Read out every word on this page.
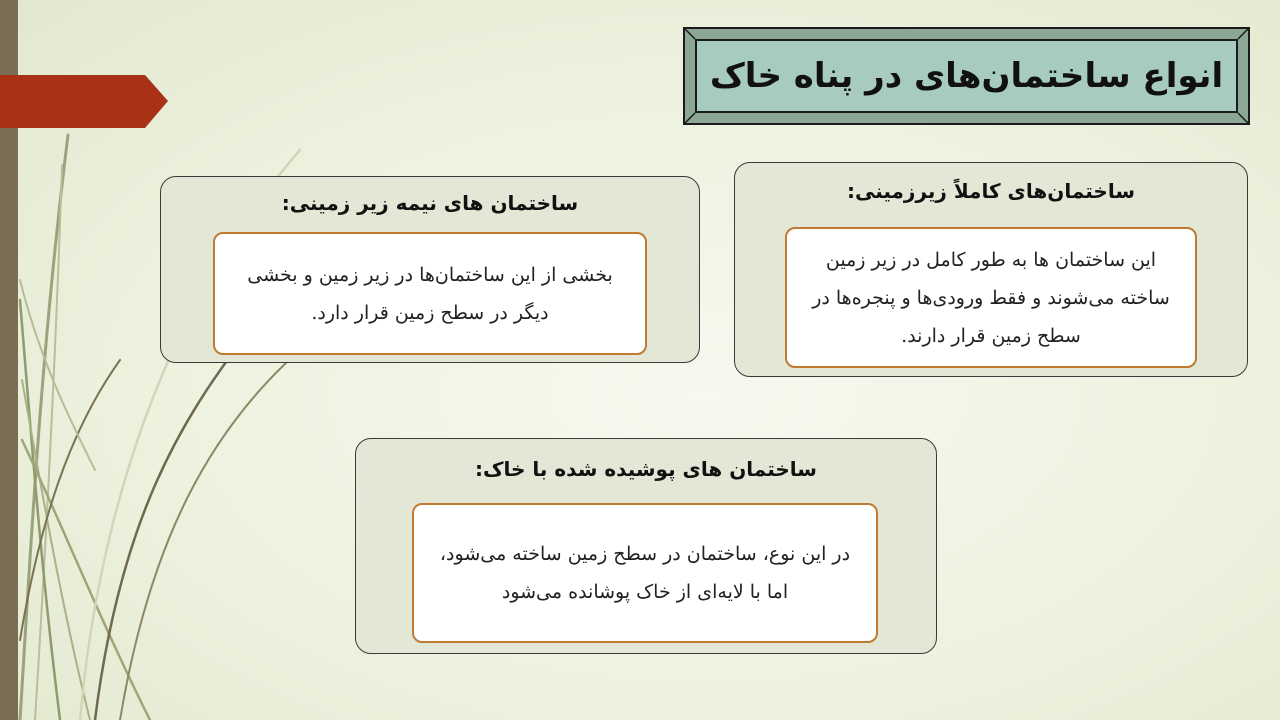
انواع ساختمان‌های در پناه خاک
ساختمان‌های کاملاً زیرزمینی:
این ساختمان ها به طور کامل در زیر زمین ساخته می‌شوند و فقط ورودی‌ها و پنجره‌ها در سطح زمین قرار دارند.
ساختمان های نیمه زیر زمینی:
بخشی از این ساختمان‌ها در زیر زمین و بخشی دیگر در سطح زمین قرار دارد.
ساختمان های پوشیده شده با خاک:
در این نوع، ساختمان در سطح زمین ساخته می‌شود، اما با لایه‌ای از خاک پوشانده می‌شود
